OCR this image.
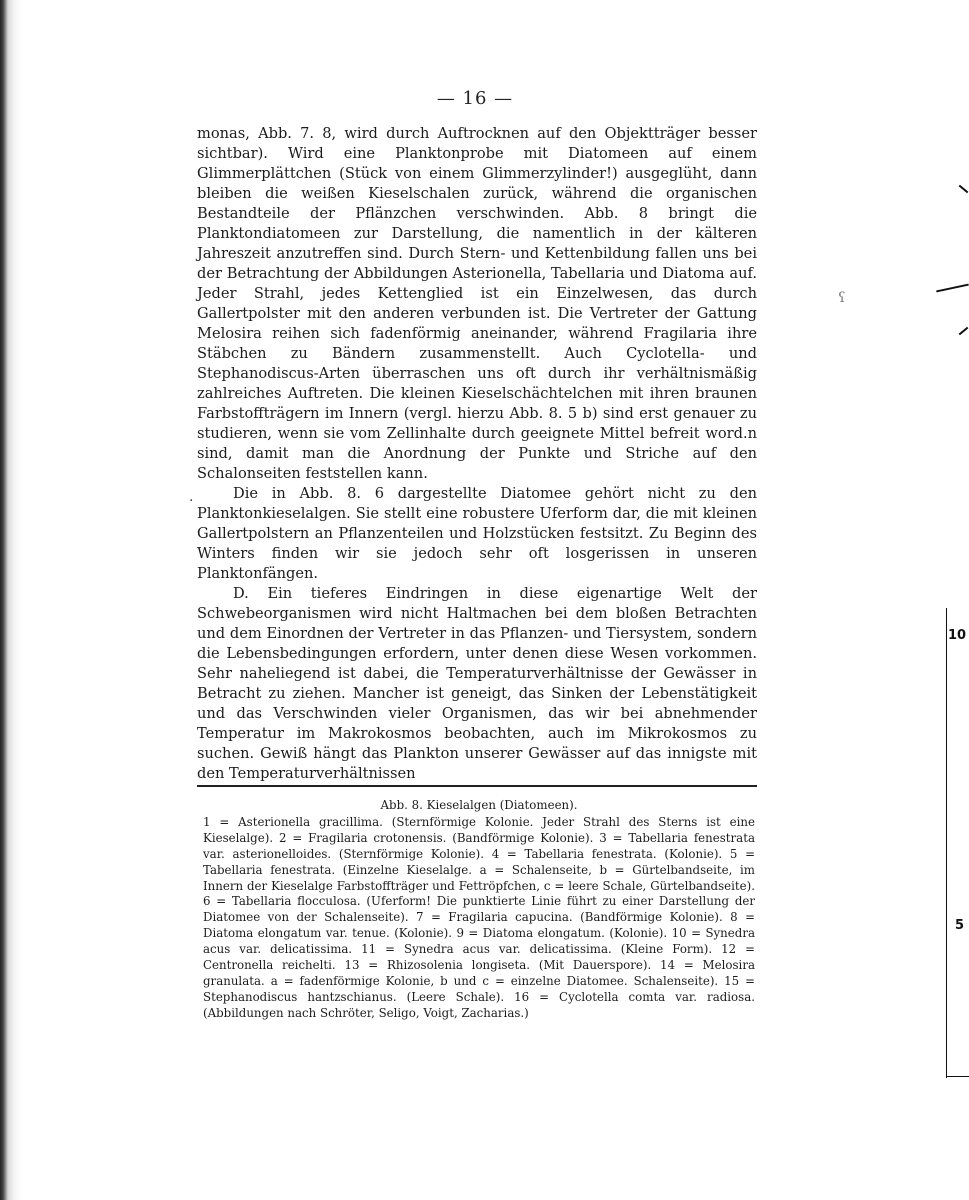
— 16 —

monas, Abb. 7. 8, wird durch Auftrocknen auf den Objektträger besser sichtbar). Wird eine Planktonprobe mit Diatomeen auf einem Glimmerplättchen (Stück von einem Glimmerzylinder!) ausgeglüht, dann bleiben die weißen Kieselschalen zurück, während die organischen Bestandteile der Pflänzchen verschwinden. Abb. 8 bringt die Planktondiatomeen zur Darstellung, die namentlich in der kälteren Jahreszeit anzutreffen sind. Durch Stern- und Kettenbildung fallen uns bei der Betrachtung der Abbildungen Asterionella, Tabellaria und Diatoma auf. Jeder Strahl, jedes Kettenglied ist ein Einzelwesen, das durch Gallertpolster mit den anderen verbunden ist. Die Vertreter der Gattung Melosira reihen sich fadenförmig aneinander, während Fragilaria ihre Stäbchen zu Bändern zusammenstellt. Auch Cyclotella- und Stephanodiscus-Arten überraschen uns oft durch ihr verhältnismäßig zahlreiches Auftreten. Die kleinen Kieselschächtelchen mit ihren braunen Farbstoffträgern im Innern (vergl. hierzu Abb. 8. 5 b) sind erst genauer zu studieren, wenn sie vom Zellinhalte durch geeignete Mittel befreit word.n sind, damit man die Anordnung der Punkte und Striche auf den Schalonseiten feststellen kann.

Die in Abb. 8. 6 dargestellte Diatomee gehört nicht zu den Planktonkieselalgen. Sie stellt eine robustere Uferform dar, die mit kleinen Gallertpolstern an Pflanzenteilen und Holzstücken festsitzt. Zu Beginn des Winters finden wir sie jedoch sehr oft losgerissen in unseren Planktonfängen.

D. Ein tieferes Eindringen in diese eigenartige Welt der Schwebeorganismen wird nicht Haltmachen bei dem bloßen Betrachten und dem Einordnen der Vertreter in das Pflanzen- und Tiersystem, sondern die Lebensbedingungen erfordern, unter denen diese Wesen vorkommen. Sehr naheliegend ist dabei, die Temperaturverhältnisse der Gewässer in Betracht zu ziehen. Mancher ist geneigt, das Sinken der Lebenstätigkeit und das Verschwinden vieler Organismen, das wir bei abnehmender Temperatur im Makrokosmos beobachten, auch im Mikrokosmos zu suchen. Gewiß hängt das Plankton unserer Gewässer auf das innigste mit den Temperaturverhältnissen

Abb. 8. Kieselalgen (Diatomeen).

1 = Asterionella gracillima. (Sternförmige Kolonie. Jeder Strahl des Sterns ist eine Kieselalge). 2 = Fragilaria crotonensis. (Bandförmige Kolonie). 3 = Tabellaria fenestrata var. asterionelloides. (Sternförmige Kolonie). 4 = Tabellaria fenestrata. (Kolonie). 5 = Tabellaria fenestrata. (Einzelne Kieselalge. a = Schalenseite, b = Gürtelbandseite, im Innern der Kieselalge Farbstoffträger und Fettröpfchen, c = leere Schale, Gürtelbandseite). 6 = Tabellaria flocculosa. (Uferform! Die punktierte Linie führt zu einer Darstellung der Diatomee von der Schalenseite). 7 = Fragilaria capucina. (Bandförmige Kolonie). 8 = Diatoma elongatum var. tenue. (Kolonie). 9 = Diatoma elongatum. (Kolonie). 10 = Synedra acus var. delicatissima. 11 = Synedra acus var. delicatissima. (Kleine Form). 12 = Centronella reichelti. 13 = Rhizosolenia longiseta. (Mit Dauerspore). 14 = Melosira granulata. a = fadenförmige Kolonie, b und c = einzelne Diatomee. Schalenseite). 15 = Stephanodiscus hantzschianus. (Leere Schale). 16 = Cyclotella comta var. radiosa. (Abbildungen nach Schröter, Seligo, Voigt, Zacharias.)

·
ʕ
10
5
